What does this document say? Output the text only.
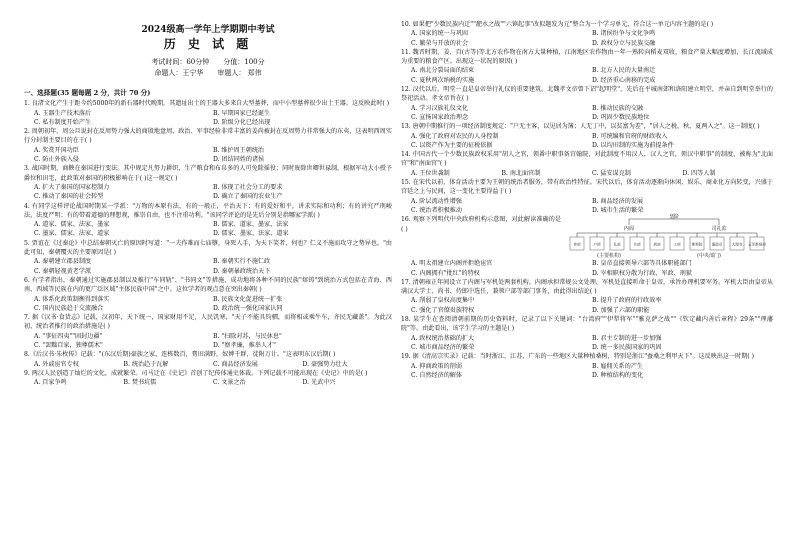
2024级高一学年上学期期中考试
历 史 试 题
考试时间：60分钟 分值：100分
命题人：王宁华 审题人： 郑伟
一、选择题(35 题每题 2 分，共计 70 分)
1. 良渚文化产生于距今约5000年的新石器时代晚期，其遗址出土的王器大多来自大型墓葬，而中小型墓葬很少出土王器。这反映此时( )
A. 玉器生产技术落后	B. 早期国家已经诞生
C. 私有制度开始产生	D. 阶级分化已经出现
2. 周朝初年，周公旦说封在反周势力强大的商殷地盘周、政治、军事经验非常丰富的姜尚被封在反周势力非常强大的东夷，这表明西周实行分封制主要目的在于( )
A. 奖赏开国功臣	B. 维护周王朝统治
C. 防止外族入侵	D. 团结同姓的诸侯
3. 战国时期，商鞅在秦国进行变法。其中规定凡努力耕织，生产粮食和布帛多的人可免除徭役；同时废除世卿世禄制，根据军功大小授予爵位和田宅，此政策对秦国的积极影响在于( )这一规定( )
A. 扩大了秦国的国家控制力	B. 体现了社会分工的要求
C. 推动了秦国的社会转型	D. 确立了秦国的农业生产
4. 有同学这样评论战国时期某一学派："万物的本原有法，有的一般正，平治天下；有的爱好和平，讲求实际和功利；有的讲究严刑峻法，法度严明；有的带着道德的理想观，推崇自由，也不注重功利。"该同学评论的是先后分别是指哪家学派( )
A. 道家、儒家、法家、墨家	B. 儒家、道家、墨家、法家
C. 墨家、儒家、法家、道家	D. 儒家、墨家、法家、道家
5. 贾谊在《过秦论》中总结秦朝灭亡的原因时写道："一夫作难而七庙隳，身死人手，为天下笑者，何也？仁义不施而攻守之势异也。"由此可知，秦朝覆灭的主要原因是( )
A. 秦朝建立郡县制度	B. 秦朝实行不施仁政
C. 秦朝轻视黄老学派	D. 秦朝暴政统治天下
6. 有学者指出，秦朝通过实施郡县制以及推行"车同轨"、"书同文"等措施，成功地将各种不同的民族"熔铸"到统治方式包括在青海、西南、西域等民族在内的更广泛区域"主体民族中国"之中。这位学者的观点意在突出秦朝( )
A. 体系化政策制衡得到落实	B. 民族文化促进统一扩张
C. 国内民族趋于交流融合	D. 政治统一强化国家认同
7. 据《汉书·食货志》记载，汉初年，天下统一，国家财用不足，人民饥寒，"天子不能具钧驷，而将相或乘牛车，齐民无藏盖"。为此汉初，统治者推行的政治措施是( )
A. "事征四夷""固封边疆"	B. "扫除对苏，与民休息"
C. "罢黜百家，独尊儒术"	D. "察孝廉，推举人才"
8.《后汉书·朱枚传》记载："(东汉后期)豪族之家，连栋数百，膏田满野，奴婢千群，徒附万计。"这表明东汉后期( )
A. 外戚宦官专权	B. 统治趋于瓦解	C. 商品经济发展	D. 豪强势力壮大
9. 两汉人民创造了灿烂的文化，成就繁荣。司马迁在《史记》首创了纪传体通史体裁。下列记载不可能出现在《史记》中的是( )
A. 百家争鸣	B. 焚书坑儒	C. 文景之治	D. 光武中兴
10. 如果把"少数民族内迁""淝水之战""六镇起事"改拟题发为元"整合为一个学习单元，符合这一单元内容主题的是( )
A. 国家的统一与巩固	B. 诸侯纷争与文化争鸣
C. 繁荣与开放的社会	D. 政权分立与民族交融
11. 魏晋时期，姜、百(古等)等北方农作物在南方大量种植，江南地区农作物由一年一熟转向稻麦双收，粮食产量大幅度增加，长江流域成为重要的粮食产区。出现这一状况的原因( )
A. 南北分裂局面的结束	B. 北方人民的大量南迁
C. 夏秋两次纳税的实施	D. 经济重心南移的完成
12. 汉代以后，明堂一直是皇帝举行礼仪的重要建筑。北魏孝文帝曾下诏"起明堂"，先后在平城南郊和洛阳建立明堂，并亲自到明堂举行的祭祀活动。孝文帝旨在( )
A. 学习汉族礼仪文化	B. 推动民族的交融
C. 宣扬国家政治理念	D. 巩固少数民族地位
13. 唐朝中期推行的一项经济制度规定："户无主客，以见居为簿；人无丁中，以贫富为差"，"居人之税，秋、夏两入之"。这一制度( )
A. 强化了政府对农民的人身控制	B. 可统编和官府的财政收入
C. 以资产作为主要的征税依据	D. 以均田制的实施为前提条件
14. 中国古代一个少数民族政权采用"胡人之官，领番中职事备宫翰院，对此制度不用汉人，汉人之官，领汉中职事"的制度，被称为"北面官"和"南面官"( )
A. 王位世袭制	B. 南北面官制	C. 猛安谋克制	D. 四等人制
15. 在宋代以前，体育活动主要为王朝的统治者服务，带有政治性特征。宋代以后，体育活动逐渐向休闲、娱乐、商业化方向转变，兴盛于宫廷之上与民间，这一变化主要得益于( )
A. 阶层流动性增强	B. 商品经济的发展
C. 统治者积极推动	D. 城市生活的繁荣
16. 观察下列明代中央政府机构示意图，对此解读准确的是( )
皇帝
内阁	司礼监
吏部	户部	礼部	兵部	刑部	工部	都察院	通政司	大理寺 五军都督府
(主要机构)	(中央部门)
A. 明太祖建立内阁并拒绝宦官	B. 皇帝直接领导六部等具体职能部门
C. 内阁拥有"批红"的特权	D. 宰相职权分散为行政、军政、刑狱
17. 清朝雍正年间设立了内阁与军机处两套机构。内阁承担常规公文处理，军机处直接听命于皇帝，承旨办理机要军务。军机大臣由皇帝从满汉大学士、尚书、侍郎中选任，兼领户部等部门事务，由此得出结论( )
A. 削弱了皇权高度集中	B. 提升了政府的行政效率
C. 强化了官僚贵族特权	D. 加强了六部的职能
18. 某学生在查阅清朝前期的历史资料时，记录了以下关键词："台湾府""伊犁将军""雅克萨之战""《钦定藏内善后章程》29条""理藩院"等。由此看出，该学生学习的主题是( )
A. 政权统治基础的扩大	B. 君主专制的进一步加强
C. 城市商品经济的繁荣	D. 统一多民族国家的巩固
19. 据《清高宗实录》记载：当时浙江、江苏、广东的一些地区大量种植桑树，特别是浙江"蚕桑之利甲天下"。这反映出这一时期( )
A. 抑商政策的削弱	B. 雇佣关系的产生
C. 自然经济的解体	D. 种植结构的变化
